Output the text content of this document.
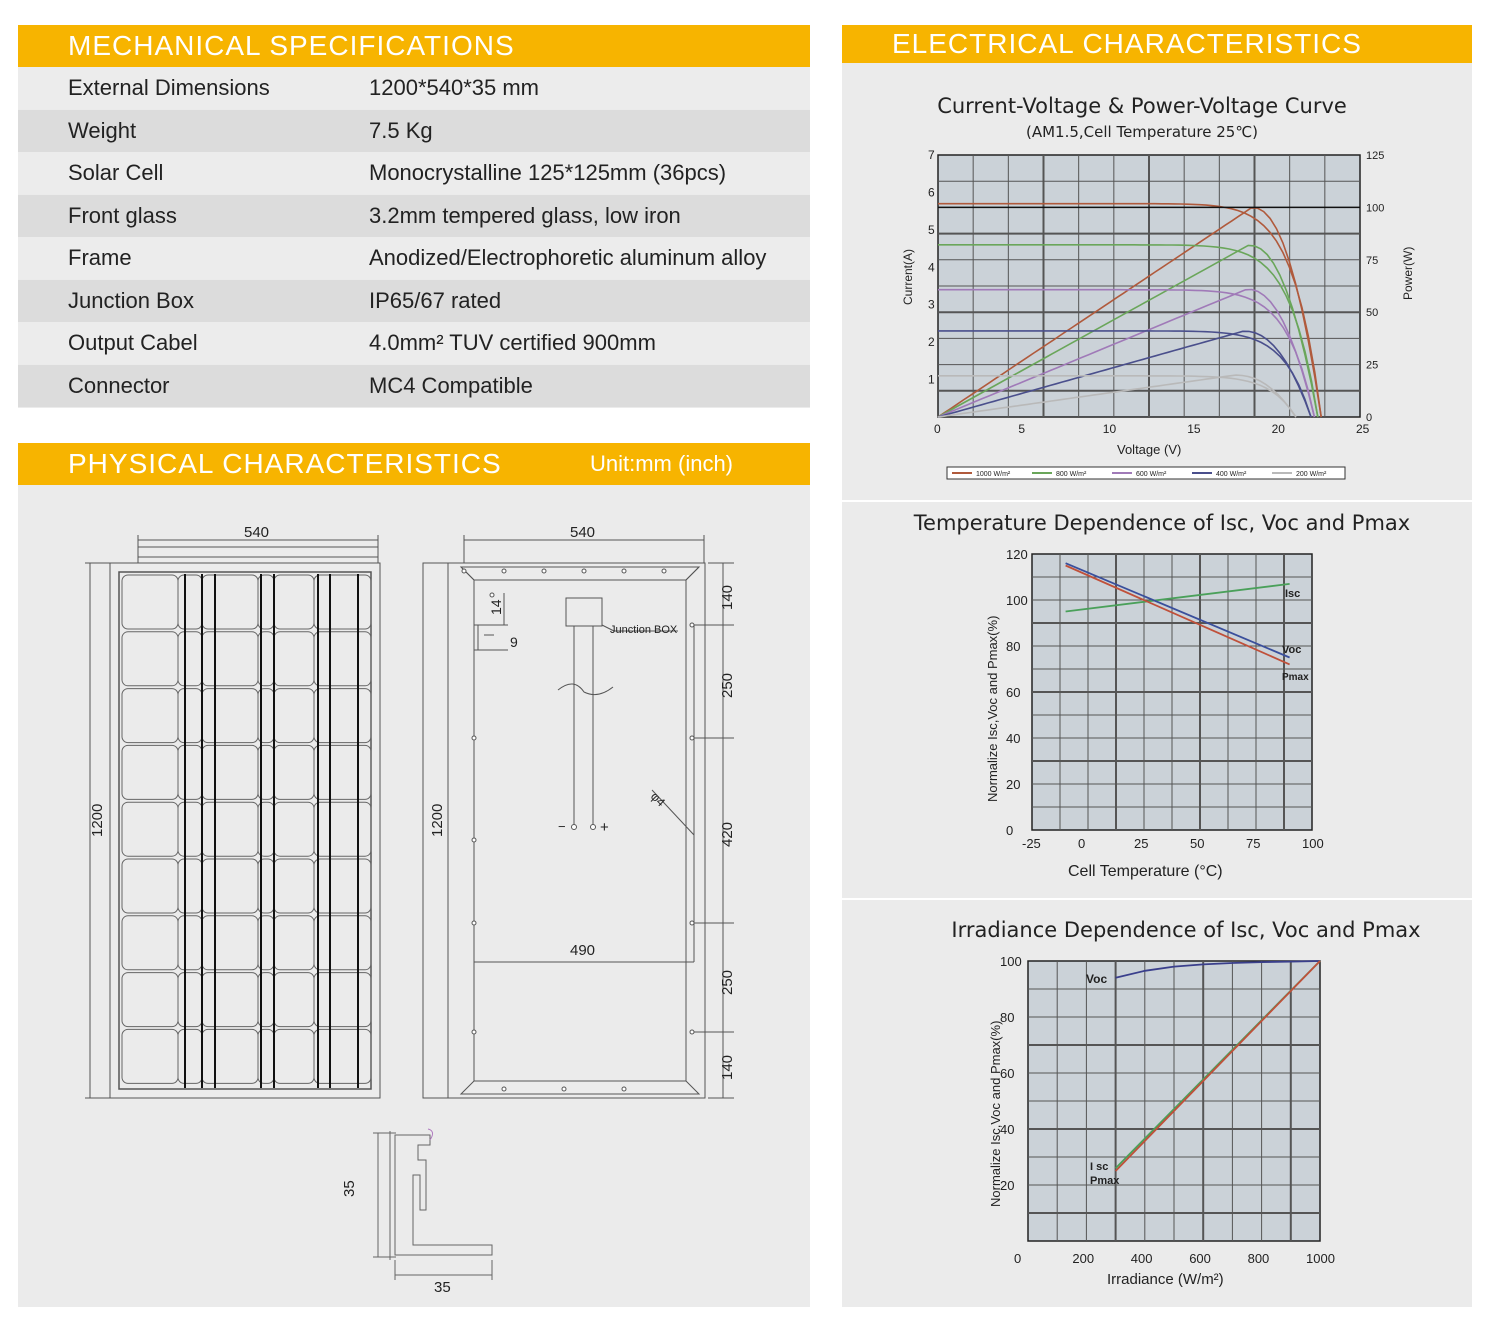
MECHANICAL SPECIFICATIONS
External Dimensions	1200*540*35 mm
Weight	7.5 Kg
Solar Cell	Monocrystalline 125*125mm (36pcs)
Front glass	3.2mm tempered glass, low iron
Frame	Anodized/Electrophoretic aluminum alloy
Junction Box	IP65/67 rated
Output Cabel	4.0mm² TUV certified 900mm
Connector	MC4 Compatible
PHYSICAL CHARACTERISTICS	Unit:mm (inch)
540	540
1200	1200
Junction BOX
14
9
φ4
− +
490
140
250
420
250
140
35
35
ELECTRICAL CHARACTERISTICS
Current-Voltage & Power-Voltage Curve
(AM1.5,Cell Temperature 25℃)
0	5	10	15	20	25
1
2
3
4
5
6
7
0
25
50
75
100
125
Voltage (V)
Current(A)	Power(W)
1000 W/m²	800 W/m²	600 W/m²	400 W/m²	200 W/m²
Temperature Dependence of Isc, Voc and Pmax
Isc
Voc
Pmax
-25	0	25	50	75	100
0
20
40
60
80
100
120
Cell Temperature (°C)
Normalize Isc,Voc and Pmax(%)
Irradiance Dependence of Isc, Voc and Pmax
Voc
I sc
Pmax
0	200	400	600	800	1000
20
40
60
80
100
Irradiance (W/m²)
Normalize Isc,Voc and Pmax(%)
